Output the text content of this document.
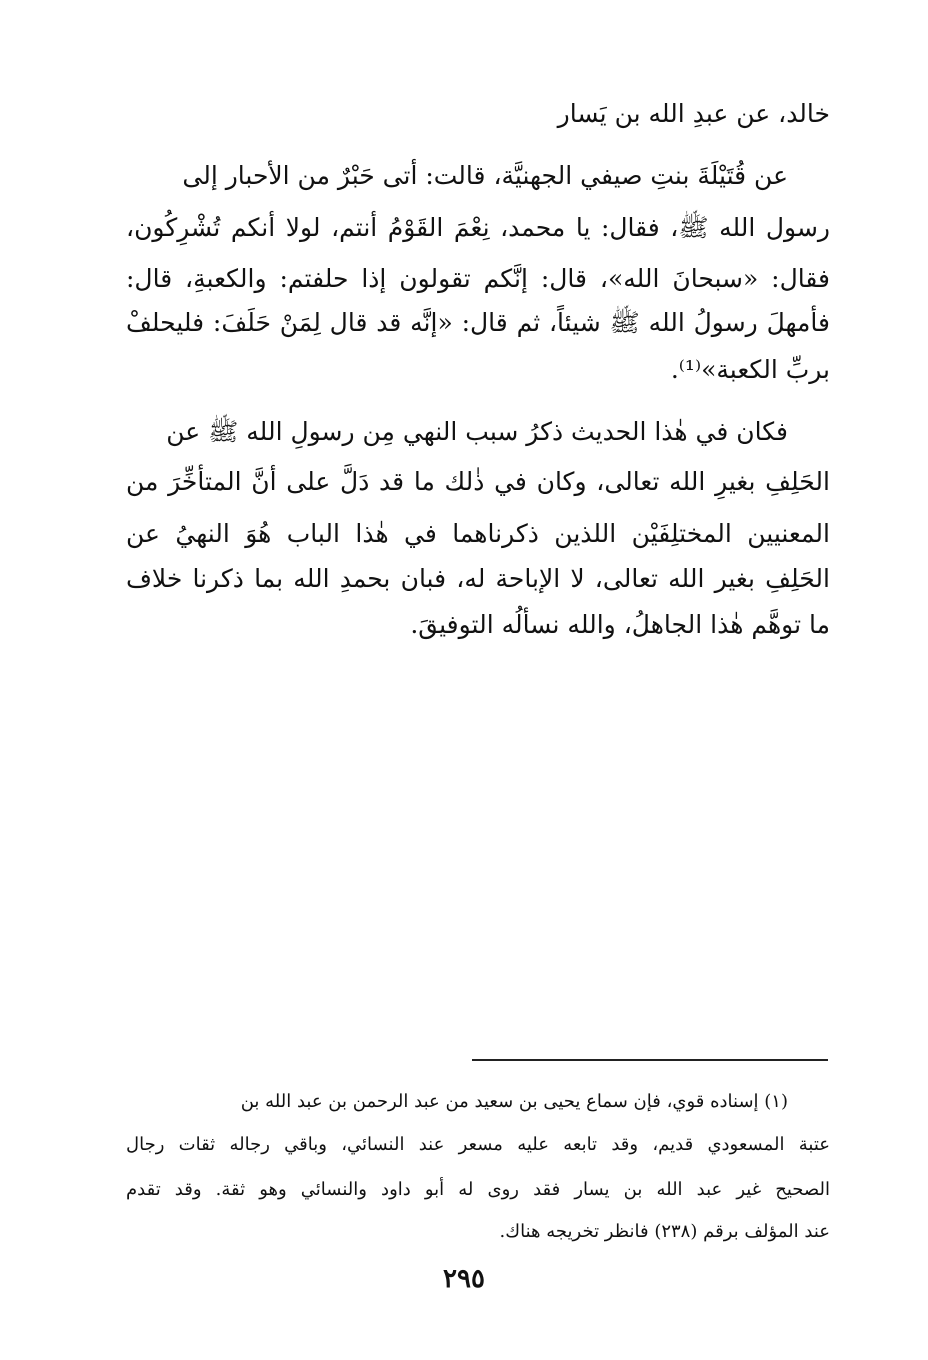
خالد، عن عبدِ الله بن يَسار
عن قُتَيْلَةَ بنتِ صيفي الجهنيَّة، قالت: أتى حَبْرٌ من الأحبار إلى
رسول الله ﷺ، فقال: يا محمد، نِعْمَ القَوْمُ أنتم، لولا أنكم تُشْرِكُون،
فقال: «سبحانَ الله»، قال: إنَّكم تقولون إذا حلفتم: والكعبةِ، قال:
فأمهلَ رسولُ الله ﷺ شيئاً، ثم قال: «إنَّه قد قال لِمَنْ حَلَفَ: فليحلفْ
بربِّ الكعبة»⁽¹⁾.
فكان في هٰذا الحديث ذكرُ سبب النهي مِن رسولِ الله ﷺ عن
الحَلِفِ بغيرِ الله تعالى، وكان في ذٰلك ما قد دَلَّ على أنَّ المتأخِّرَ من
المعنيين المختلِفَيْن اللذين ذكرناهما في هٰذا الباب هُوَ النهيُ عن
الحَلِفِ بغير الله تعالى، لا الإباحة له، فبان بحمدِ الله بما ذكرنا خلاف
ما توهَّم هٰذا الجاهلُ، والله نسألُه التوفيقَ.
(١) إسناده قوي، فإن سماع يحيى بن سعيد من عبد الرحمن بن عبد الله بن
عتبة المسعودي قديم، وقد تابعه عليه مسعر عند النسائي، وباقي رجاله ثقات رجال
الصحيح غير عبد الله بن يسار فقد روى له أبو داود والنسائي وهو ثقة. وقد تقدم
عند المؤلف برقم (٢٣٨) فانظر تخريجه هناك.
٢٩٥
